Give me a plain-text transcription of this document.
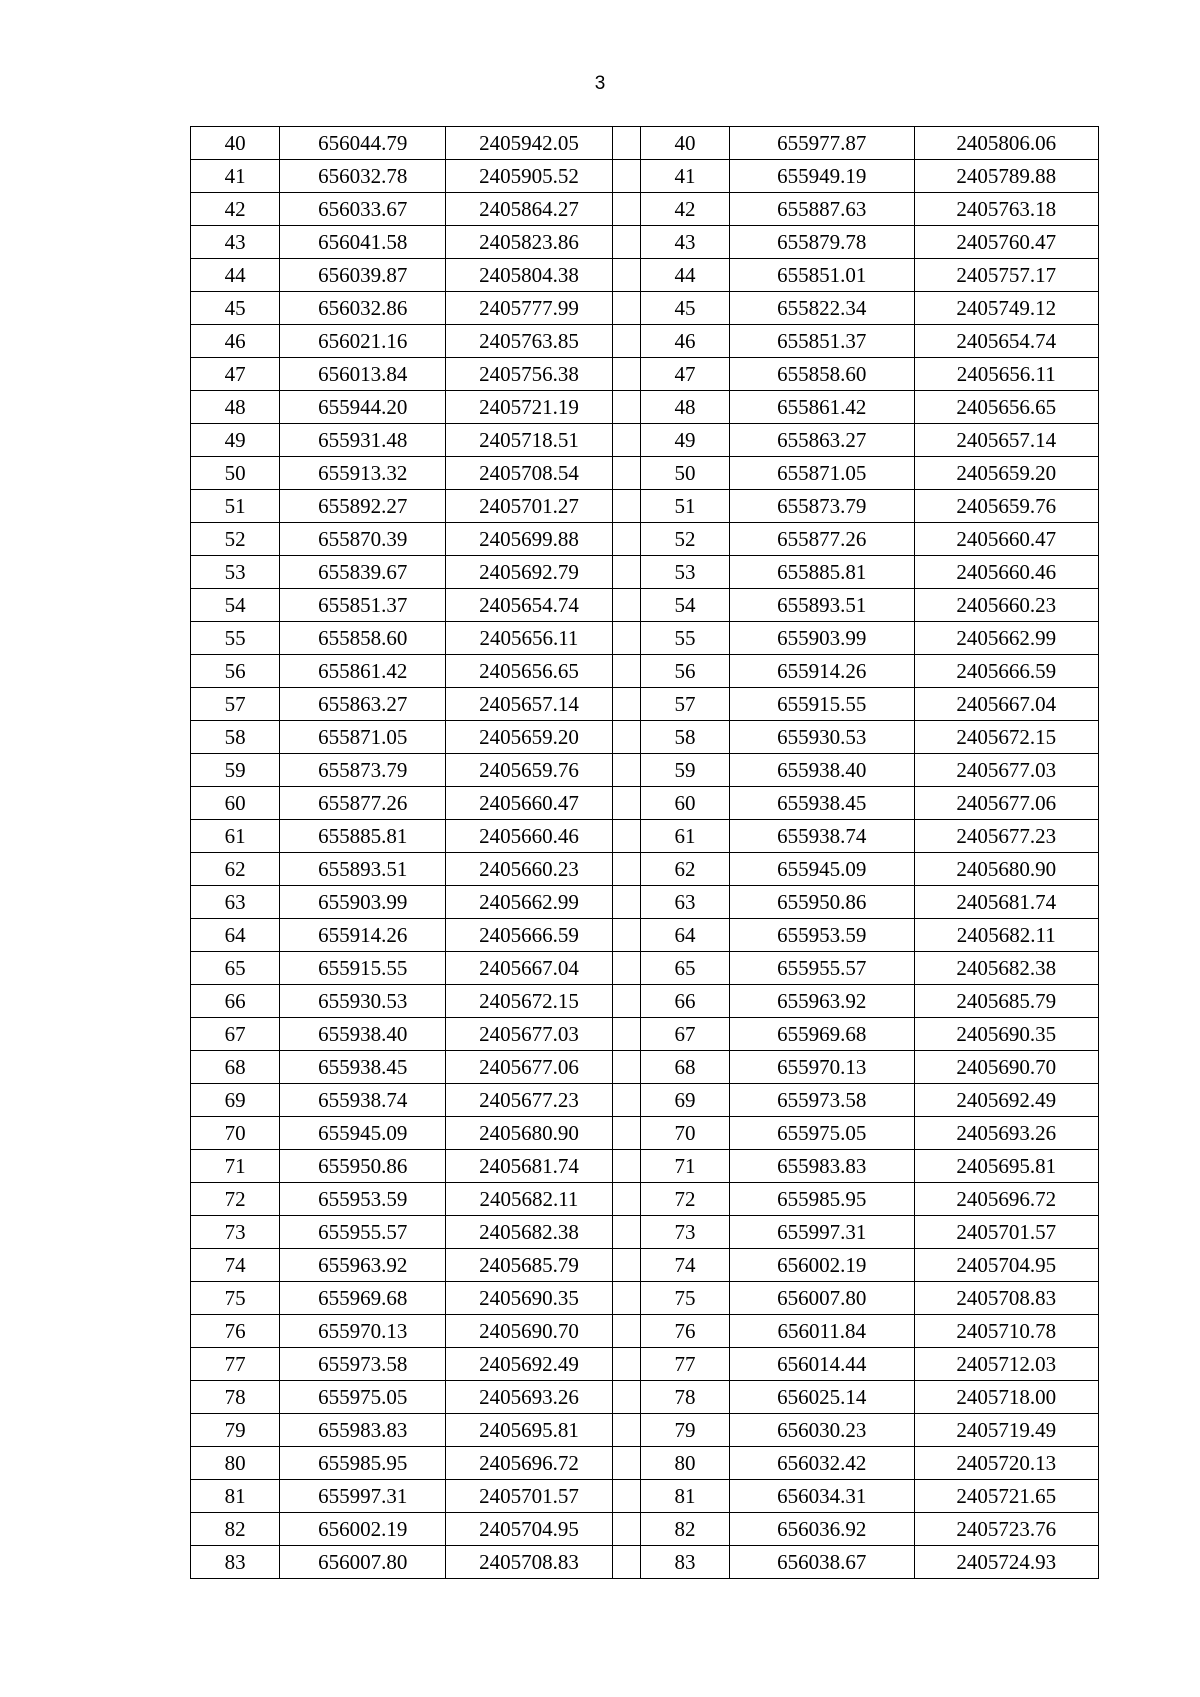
3
40	656044.79	2405942.05		40	655977.87	2405806.06
41	656032.78	2405905.52		41	655949.19	2405789.88
42	656033.67	2405864.27		42	655887.63	2405763.18
43	656041.58	2405823.86		43	655879.78	2405760.47
44	656039.87	2405804.38		44	655851.01	2405757.17
45	656032.86	2405777.99		45	655822.34	2405749.12
46	656021.16	2405763.85		46	655851.37	2405654.74
47	656013.84	2405756.38		47	655858.60	2405656.11
48	655944.20	2405721.19		48	655861.42	2405656.65
49	655931.48	2405718.51		49	655863.27	2405657.14
50	655913.32	2405708.54		50	655871.05	2405659.20
51	655892.27	2405701.27		51	655873.79	2405659.76
52	655870.39	2405699.88		52	655877.26	2405660.47
53	655839.67	2405692.79		53	655885.81	2405660.46
54	655851.37	2405654.74		54	655893.51	2405660.23
55	655858.60	2405656.11		55	655903.99	2405662.99
56	655861.42	2405656.65		56	655914.26	2405666.59
57	655863.27	2405657.14		57	655915.55	2405667.04
58	655871.05	2405659.20		58	655930.53	2405672.15
59	655873.79	2405659.76		59	655938.40	2405677.03
60	655877.26	2405660.47		60	655938.45	2405677.06
61	655885.81	2405660.46		61	655938.74	2405677.23
62	655893.51	2405660.23		62	655945.09	2405680.90
63	655903.99	2405662.99		63	655950.86	2405681.74
64	655914.26	2405666.59		64	655953.59	2405682.11
65	655915.55	2405667.04		65	655955.57	2405682.38
66	655930.53	2405672.15		66	655963.92	2405685.79
67	655938.40	2405677.03		67	655969.68	2405690.35
68	655938.45	2405677.06		68	655970.13	2405690.70
69	655938.74	2405677.23		69	655973.58	2405692.49
70	655945.09	2405680.90		70	655975.05	2405693.26
71	655950.86	2405681.74		71	655983.83	2405695.81
72	655953.59	2405682.11		72	655985.95	2405696.72
73	655955.57	2405682.38		73	655997.31	2405701.57
74	655963.92	2405685.79		74	656002.19	2405704.95
75	655969.68	2405690.35		75	656007.80	2405708.83
76	655970.13	2405690.70		76	656011.84	2405710.78
77	655973.58	2405692.49		77	656014.44	2405712.03
78	655975.05	2405693.26		78	656025.14	2405718.00
79	655983.83	2405695.81		79	656030.23	2405719.49
80	655985.95	2405696.72		80	656032.42	2405720.13
81	655997.31	2405701.57		81	656034.31	2405721.65
82	656002.19	2405704.95		82	656036.92	2405723.76
83	656007.80	2405708.83		83	656038.67	2405724.93
